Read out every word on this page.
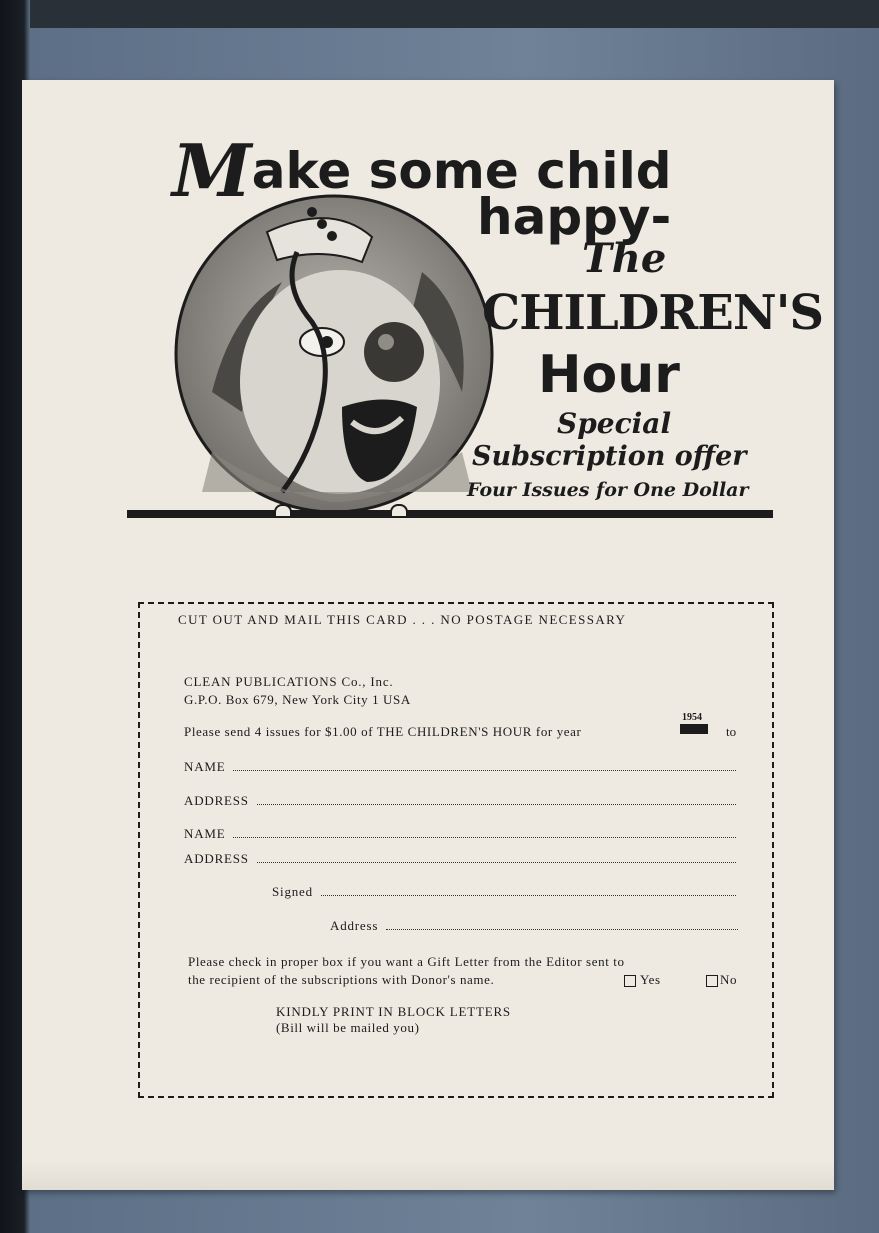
Make some child
happy-
The
CHILDREN'S
Hour
Special
Subscription offer
Four Issues for One Dollar
CUT OUT AND MAIL THIS CARD . . . NO POSTAGE NECESSARY
CLEAN PUBLICATIONS Co., Inc.
G.P.O. Box 679, New York City 1 USA
Please send 4 issues for $1.00 of THE CHILDREN'S HOUR for year
1954
to
NAME
ADDRESS
NAME
ADDRESS
Signed
Address
Please check in proper box if you want a Gift Letter from the Editor sent to
the recipient of the subscriptions with Donor's name.	Yes	No
KINDLY PRINT IN BLOCK LETTERS
(Bill will be mailed you)
